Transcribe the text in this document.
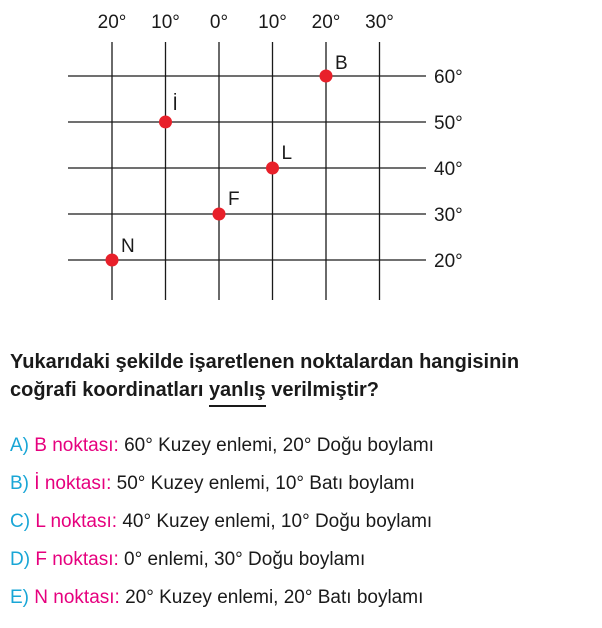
20° 10° 0° 10° 20° 30°
60°
50°
40°
30°
20°
B
İ
L
F
N

Yukarıdaki şekilde işaretlenen noktalardan hangisinin
coğrafi koordinatları yanlış verilmiştir?

A) B noktası: 60° Kuzey enlemi, 20° Doğu boylamı
B) İ noktası: 50° Kuzey enlemi, 10° Batı boylamı
C) L noktası: 40° Kuzey enlemi, 10° Doğu boylamı
D) F noktası: 0° enlemi, 30° Doğu boylamı
E) N noktası: 20° Kuzey enlemi, 20° Batı boylamı
